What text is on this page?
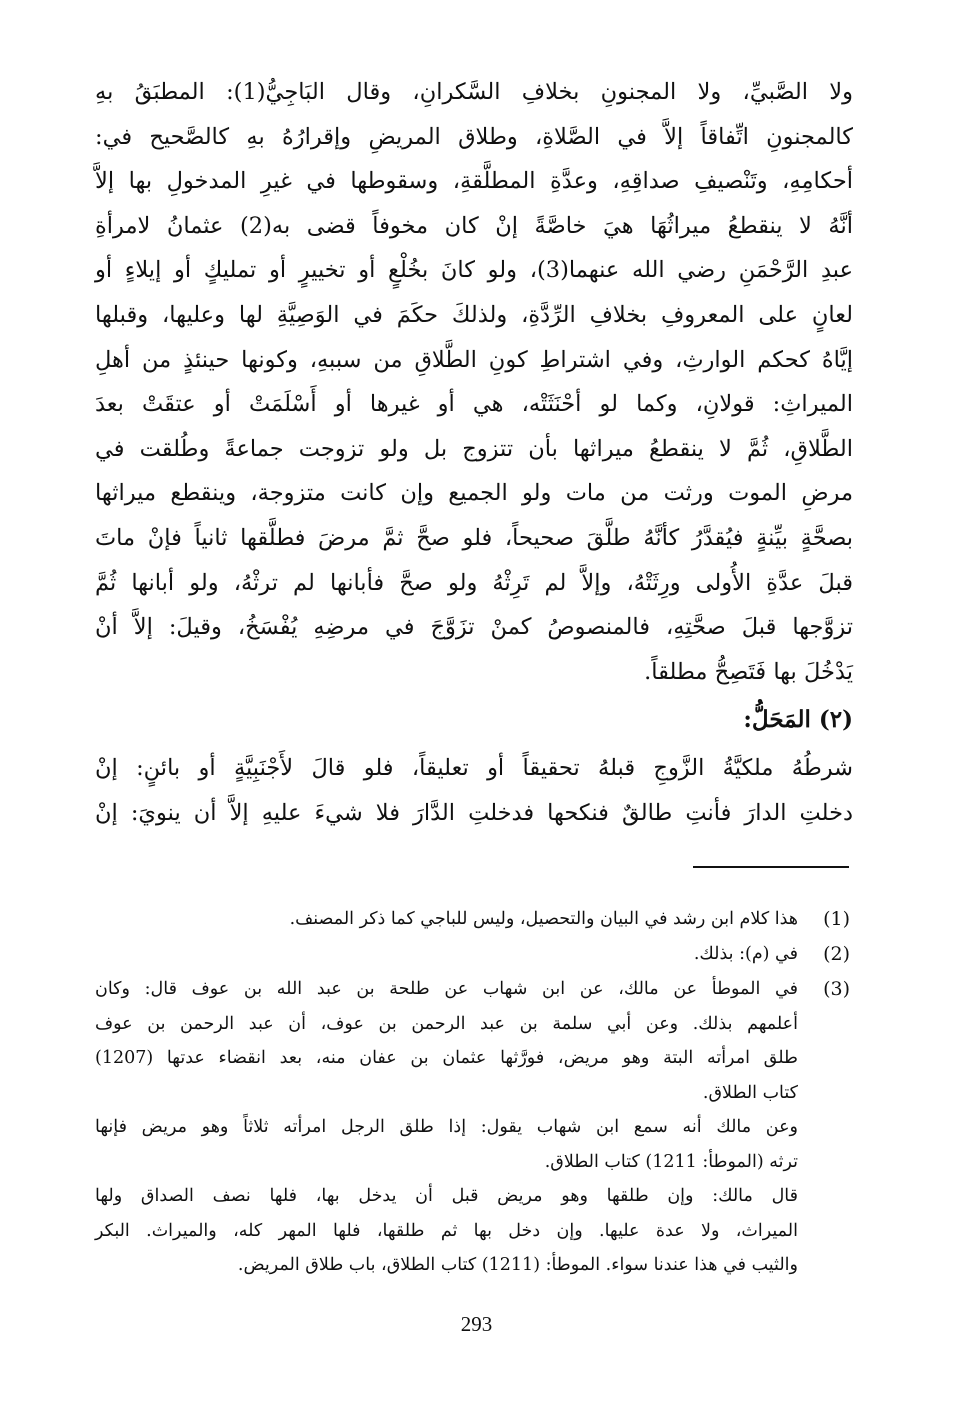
ولا الصَّبيِّ، ولا المجنونِ بخلافِ السَّكرانِ، وقال البَاجِيُّ(1): المطبَقُ بهِ
كالمجنونِ اتِّفاقاً إلاَّ في الصَّلاةِ، وطلاق المريضِ وإقرارُهُ بهِ كالصَّحيح في:
أحكامِهِ، وتَنْصيفِ صداقِهِ، وعدَّةِ المطلَّقةِ، وسقوطها في غيرِ المدخولِ بها إلاَّ
أنَّهُ لا ينقطعُ ميراثُهَا هيَ خاصَّةً إنْ كان مخوفاً قضى به(2) عثمانُ لامرأةِ
عبدِ الرَّحْمَنِ رضي الله عنهما(3)، ولو كانَ بخُلْعٍ أو تخييرٍ أو تمليكٍ أو إيلاءٍ أو
لعانٍ على المعروفِ بخلافِ الرِّدَّةِ، ولذلكَ حكَمَ في الوَصِيَّةِ لها وعليها، وقبلها
إيَّاهُ كحكم الوارثِ، وفي اشتراطِ كونِ الطَّلاقِ من سببهِ، وكونها حينئذٍ من أهلِ
الميراثِ: قولانِ، وكما لو أحْنَثَتْه، هي أو غيرها أو أَسْلَمَتْ أو عتقَتْ بعدَ
الطَّلاقِ، ثُمَّ لا ينقطعُ ميراثها بأن تتزوج بل ولو تزوجت جماعةً وطُلقت في
مرضِ الموت ورثت من مات ولو الجميع وإن كانت متزوجة، وينقطع ميراثها
بصحَّةٍ بيِّنةٍ فيُقدَّرُ كأنَّهُ طلَّقَ صحيحاً، فلو صحَّ ثمَّ مرضَ فطلَّقها ثانياً فإنْ ماتَ
قبلَ عدَّةِ الأُولى ورِثَتْهُ، وإلاَّ لم تَرِثْهُ ولو صحَّ فأبانها لم ترثْهُ، ولو أبانها ثُمَّ
تزوَّجها قبلَ صحَّتِهِ، فالمنصوصُ كمنْ تزَوَّجَ في مرضِهِ يُفْسَخُ، وقيلَ: إلاَّ أنْ
يَدْخُلَ بها فَتَصِحُّ مطلقاً.
(٢) المَحَلُّ:
شرطُهُ ملكيَّةُ الزَّوجِ قبلهُ تحقيقاً أو تعليقاً، فلو قالَ لأَجْنَبِيَّةٍ أو بائنٍ: إنْ
دخلتِ الدارَ فأنتِ طالقٌ فنكحها فدخلتِ الدَّارَ فلا شيءَ عليهِ إلاَّ أن ينويَ: إنْ
(1)
هذا كلام ابن رشد في البيان والتحصيل، وليس للباجي كما ذكر المصنف.
(2)
في (م): بذلك.
(3)
في الموطأ عن مالك، عن ابن شهاب عن طلحة بن عبد الله بن عوف قال: وكان
أعلمهم بذلك. وعن أبي سلمة بن عبد الرحمن بن عوف، أن عبد الرحمن بن عوف
طلق امرأته البتة وهو مريض، فورَّثها عثمان بن عفان منه، بعد انقضاء عدتها (1207)
كتاب الطلاق.
وعن مالك أنه سمع ابن شهاب يقول: إذا طلق الرجل امرأته ثلاثاً وهو مريض فإنها
ترثه (الموطأ: 1211) كتاب الطلاق.
قال مالك: وإن طلقها وهو مريض قبل أن يدخل بها، فلها نصف الصداق ولها
الميراث، ولا عدة عليها. وإن دخل بها ثم طلقها، فلها المهر كله، والميراث. البكر
والثيب في هذا عندنا سواء. الموطأ: (1211) كتاب الطلاق، باب طلاق المريض.
293
